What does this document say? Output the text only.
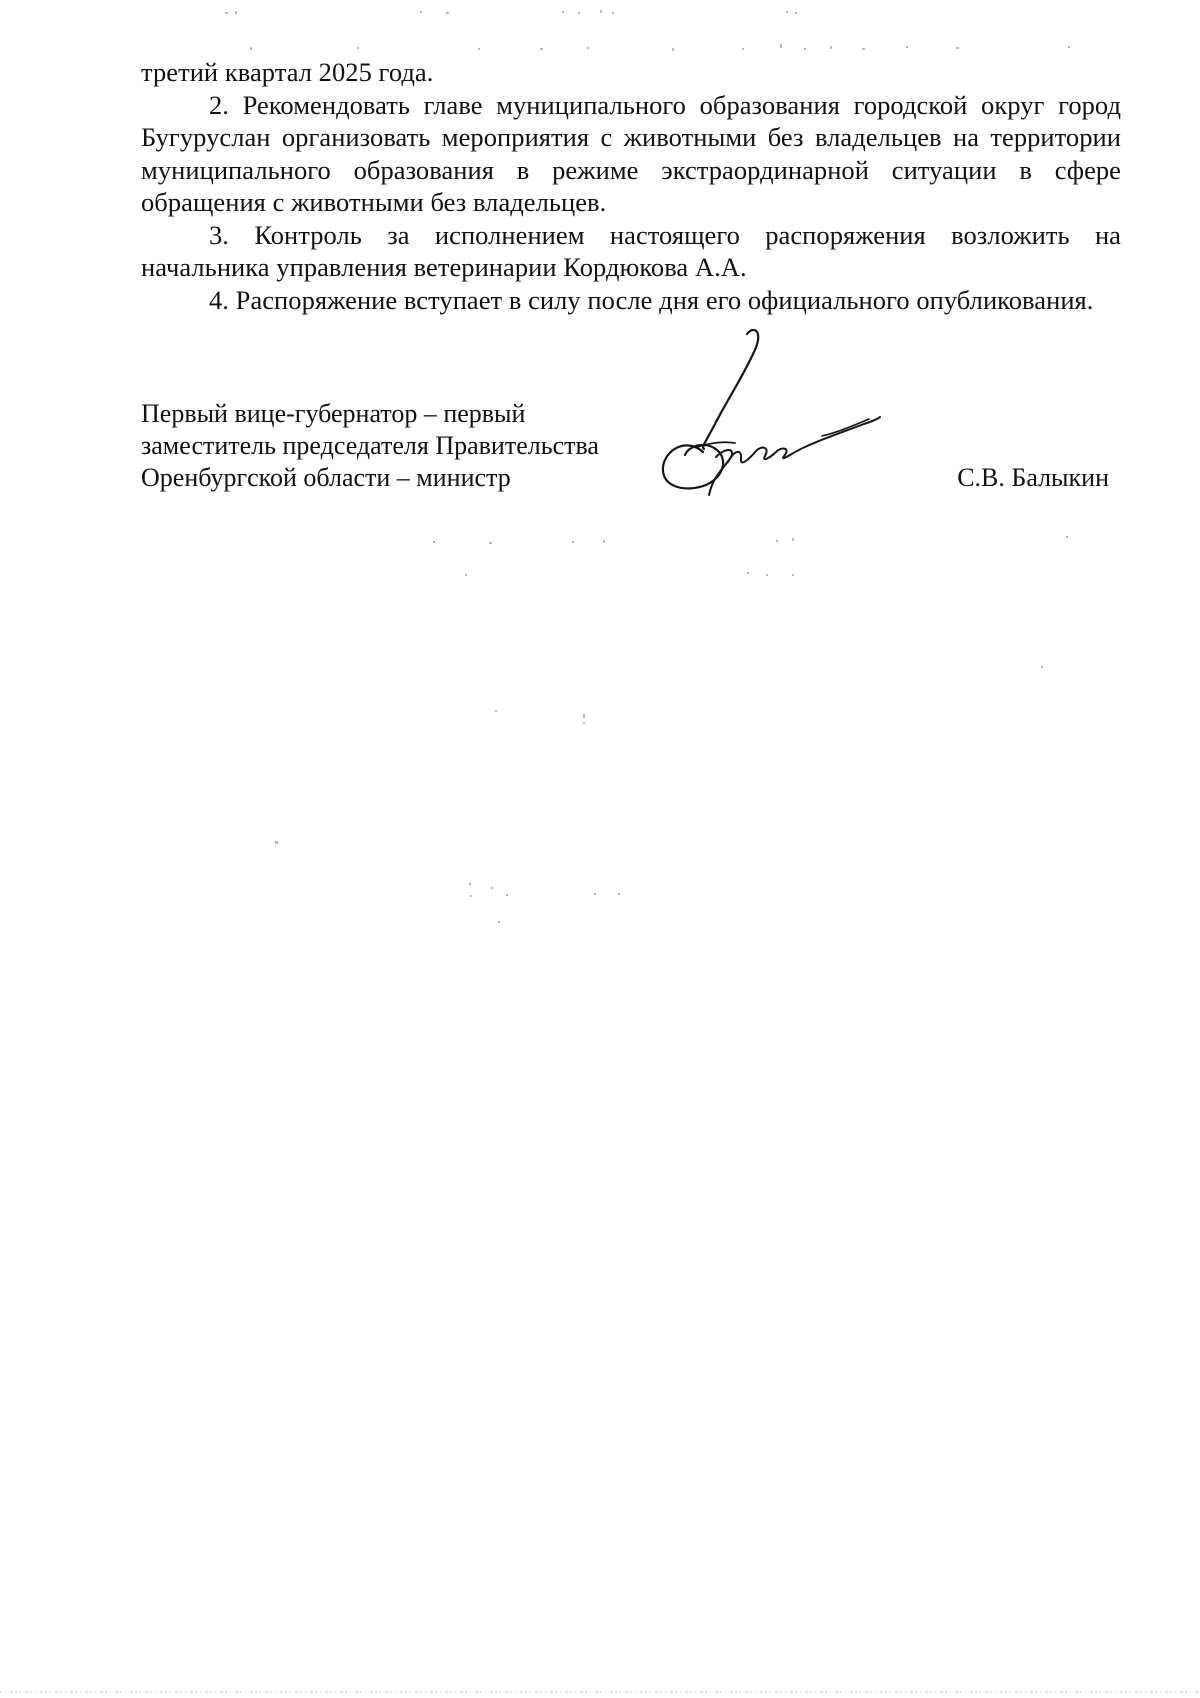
третий квартал 2025 года.

2. Рекомендовать главе муниципального образования городской округ город Бугуруслан организовать мероприятия с животными без владельцев на территории муниципального образования в режиме экстраординарной ситуации в сфере обращения с животными без владельцев.

3. Контроль за исполнением настоящего распоряжения возложить на начальника управления ветеринарии Кордюкова А.А.

4. Распоряжение вступает в силу после дня его официального опубликования.

Первый вице-губернатор – первый
заместитель председателя Правительства
Оренбургской области – министр	С.В. Балыкин
